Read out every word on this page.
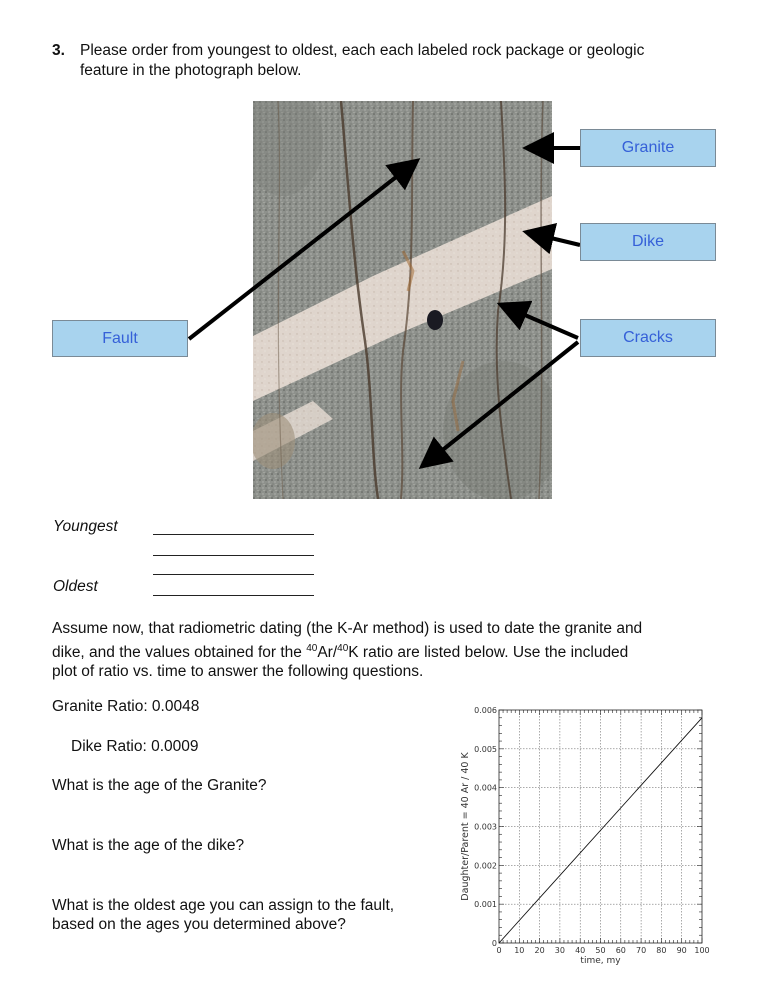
3. Please order from youngest to oldest, each each labeled rock package or geologic
feature in the photograph below.
Granite
Dike
Cracks
Fault
Youngest
Oldest
Assume now, that radiometric dating (the K-Ar method) is used to date the granite and
dike, and the values obtained for the $^{40}$Ar/$^{40}$K ratio are listed below. Use the included
plot of ratio vs. time to answer the following questions.
Granite Ratio: 0.0048
Dike Ratio: 0.0009
What is the age of the Granite?
What is the age of the dike?
What is the oldest age you can assign to the fault,
based on the ages you determined above?
0 10 20 30 40 50 60 70 80 90 100
0
0.001
0.002
0.003
0.004
0.005
0.006
time, my
Daughter/Parent = 40 Ar / 40 K
